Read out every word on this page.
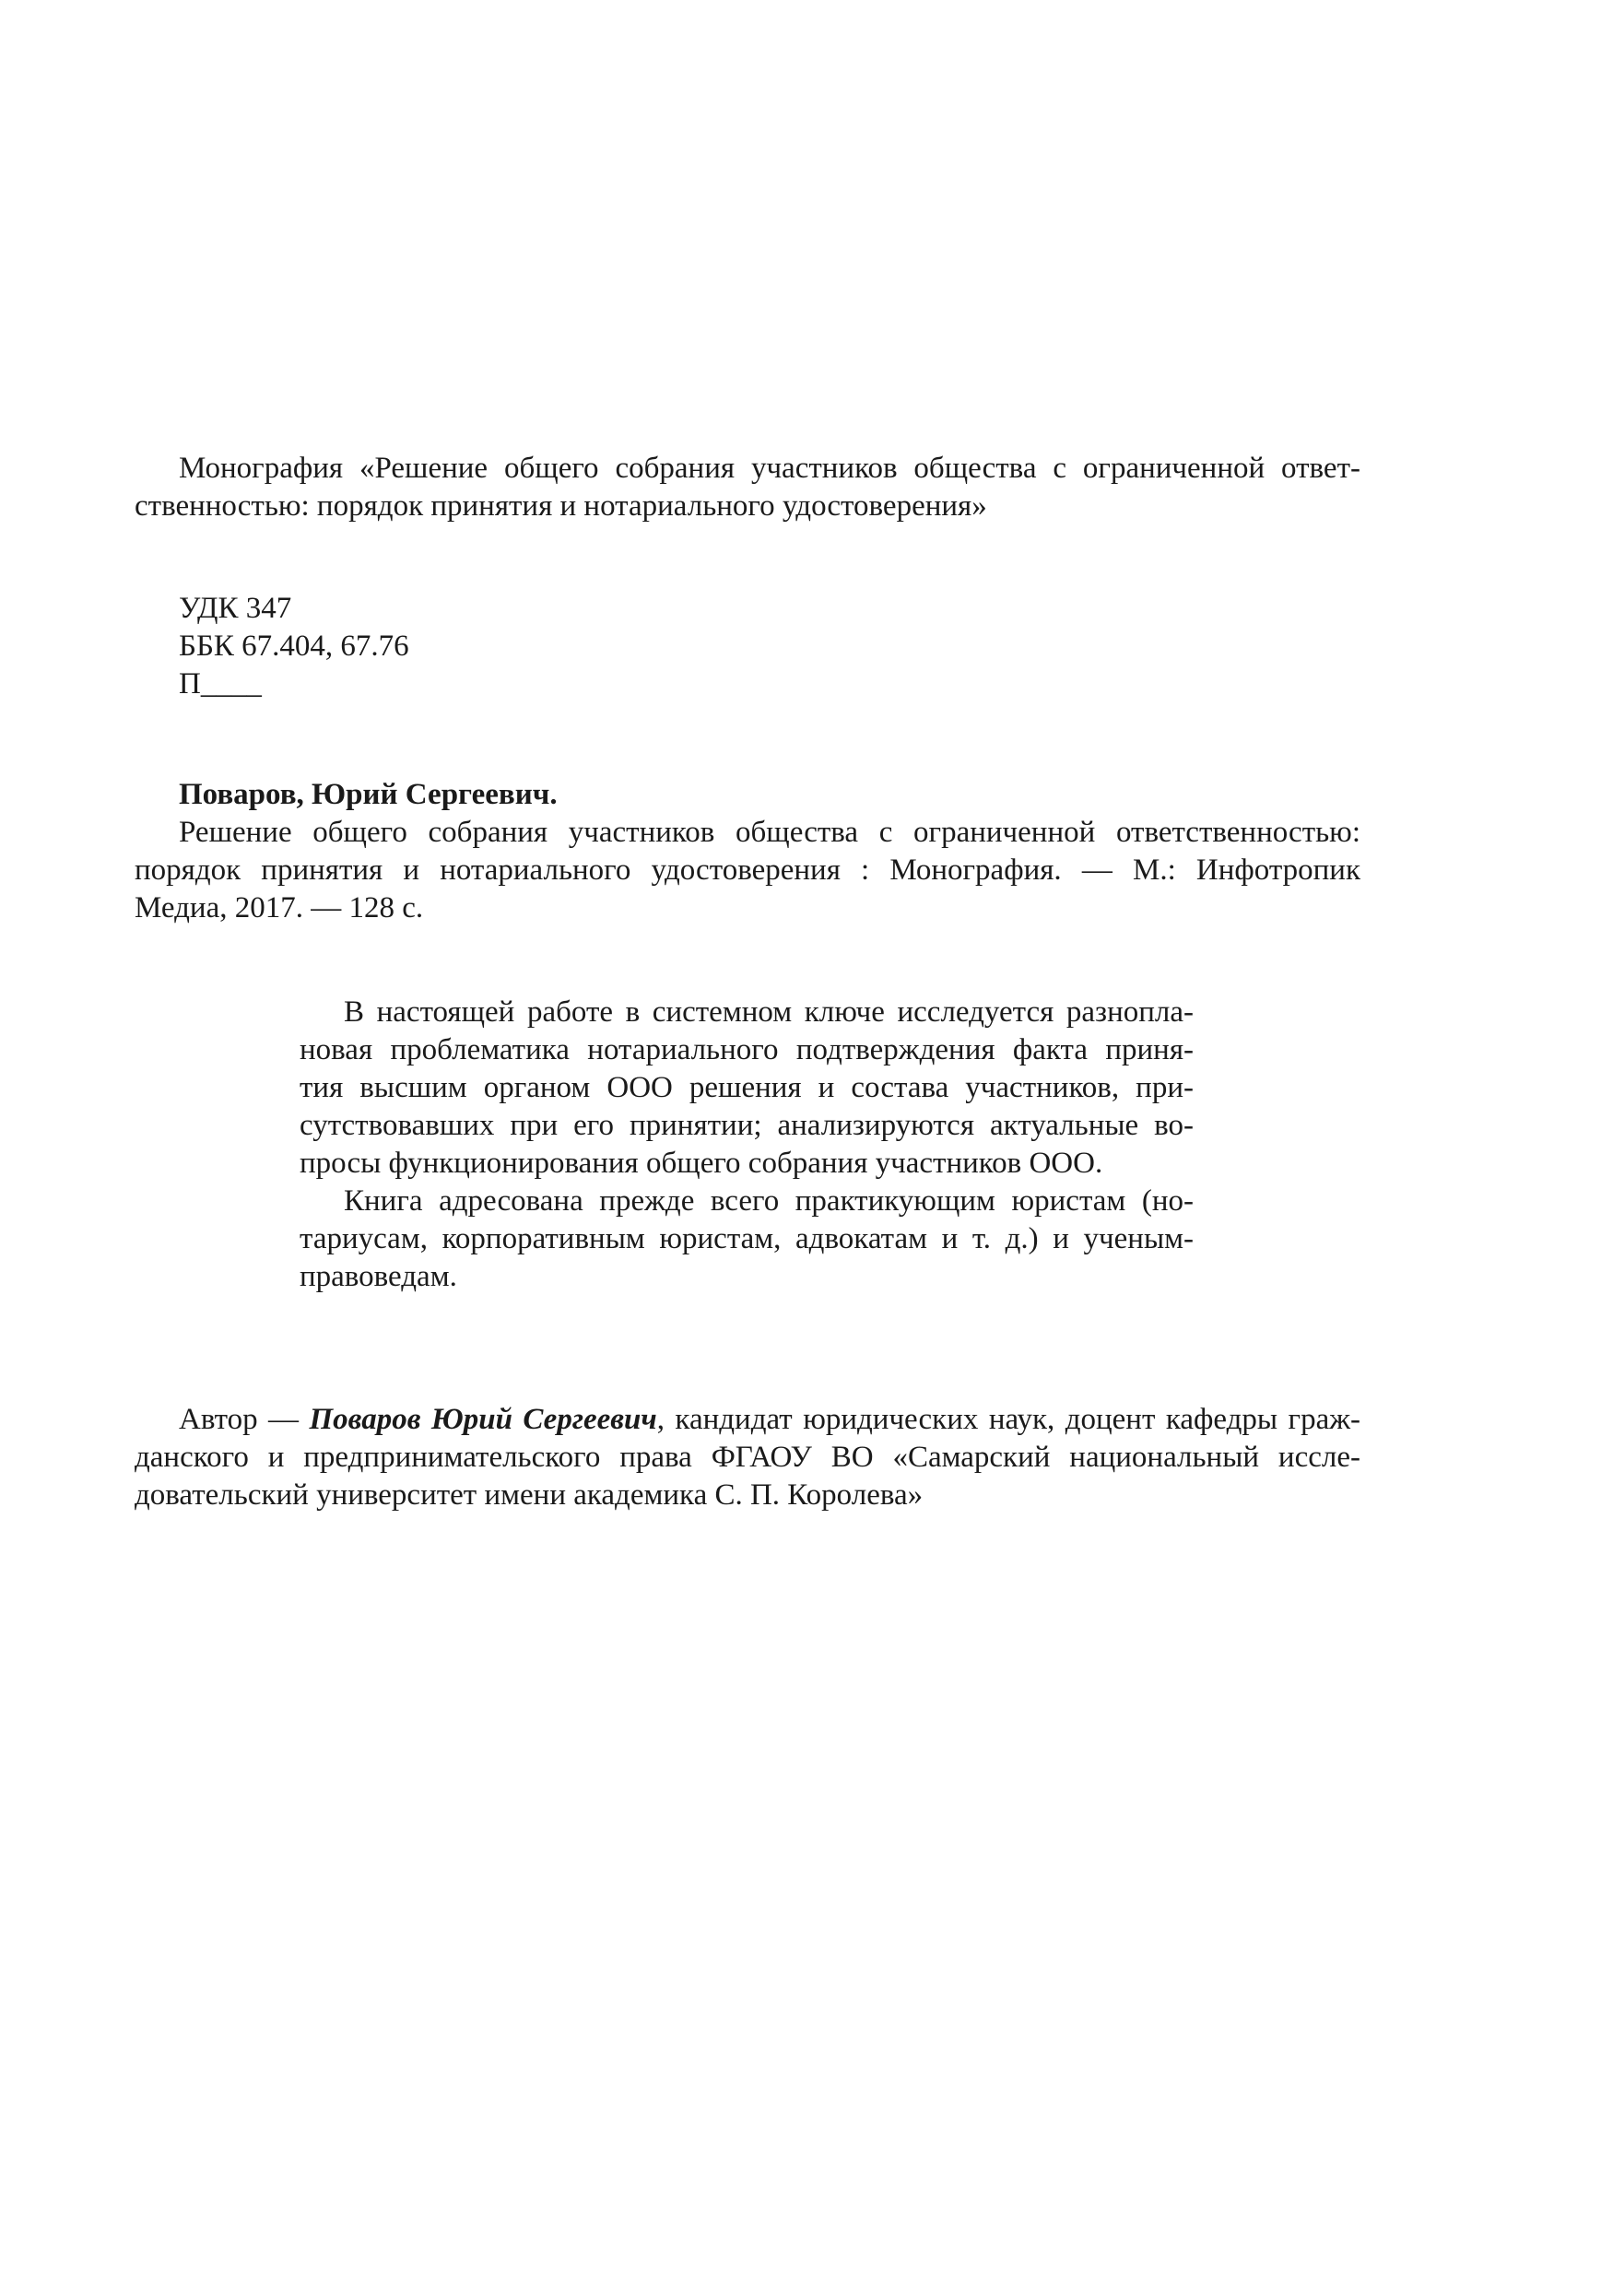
Монография «Решение общего собрания участников общества с ограниченной ответ-
ственностью: порядок принятия и нотариального удостоверения»
УДК 347
ББК 67.404, 67.76
П____
Поваров, Юрий Сергеевич.
Решение общего собрания участников общества с ограниченной ответственностью:
порядок принятия и нотариального удостоверения : Монография. — М.: Инфотропик
Медиа, 2017. — 128 с.
В настоящей работе в системном ключе исследуется разнопла-
новая проблематика нотариального подтверждения факта приня-
тия высшим органом ООО решения и состава участников, при-
сутствовавших при его принятии; анализируются актуальные во-
просы функционирования общего собрания участников ООО.
Книга адресована прежде всего практикующим юристам (но-
тариусам, корпоративным юристам, адвокатам и т. д.) и ученым-
правоведам.
Автор — Поваров Юрий Сергеевич, кандидат юридических наук, доцент кафедры граж-
данского и предпринимательского права ФГАОУ ВО «Самарский национальный иссле-
довательский университет имени академика С. П. Королева»
